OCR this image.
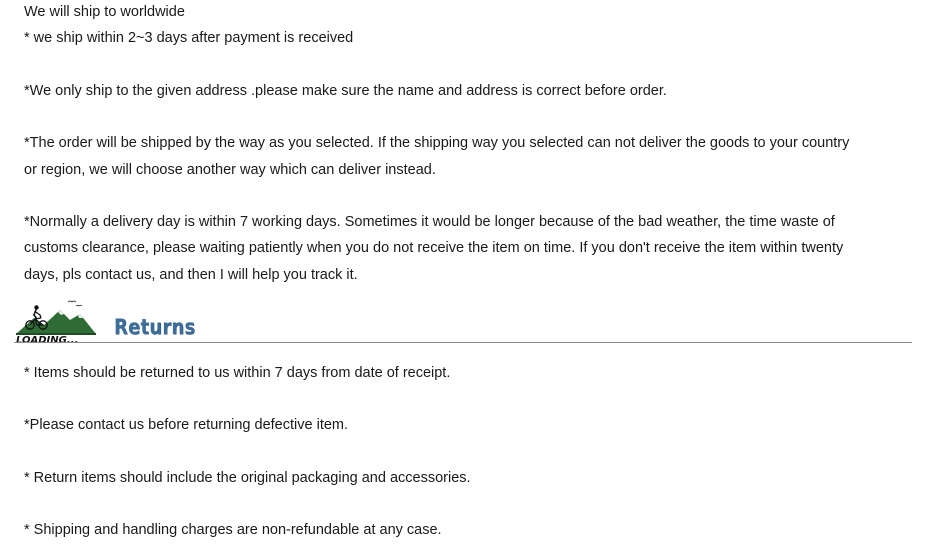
We will ship to worldwide

* we ship within 2~3 days after payment is received

*We only ship to the given address .please make sure the name and address is correct before order.

*The order will be shipped by the way as you selected. If the shipping way you selected can not deliver the goods to your country

or region, we will choose another way which can deliver instead.

*Normally a delivery day is within 7 working days. Sometimes it would be longer because of the bad weather, the time waste of

customs clearance, please waiting patiently when you do not receive the item on time. If you don't receive the item within twenty

days, pls contact us, and then I will help you track it.

LOADING...
Returns

* Items should be returned to us within 7 days from date of receipt.

*Please contact us before returning defective item.

* Return items should include the original packaging and accessories.

* Shipping and handling charges are non-refundable at any case.
